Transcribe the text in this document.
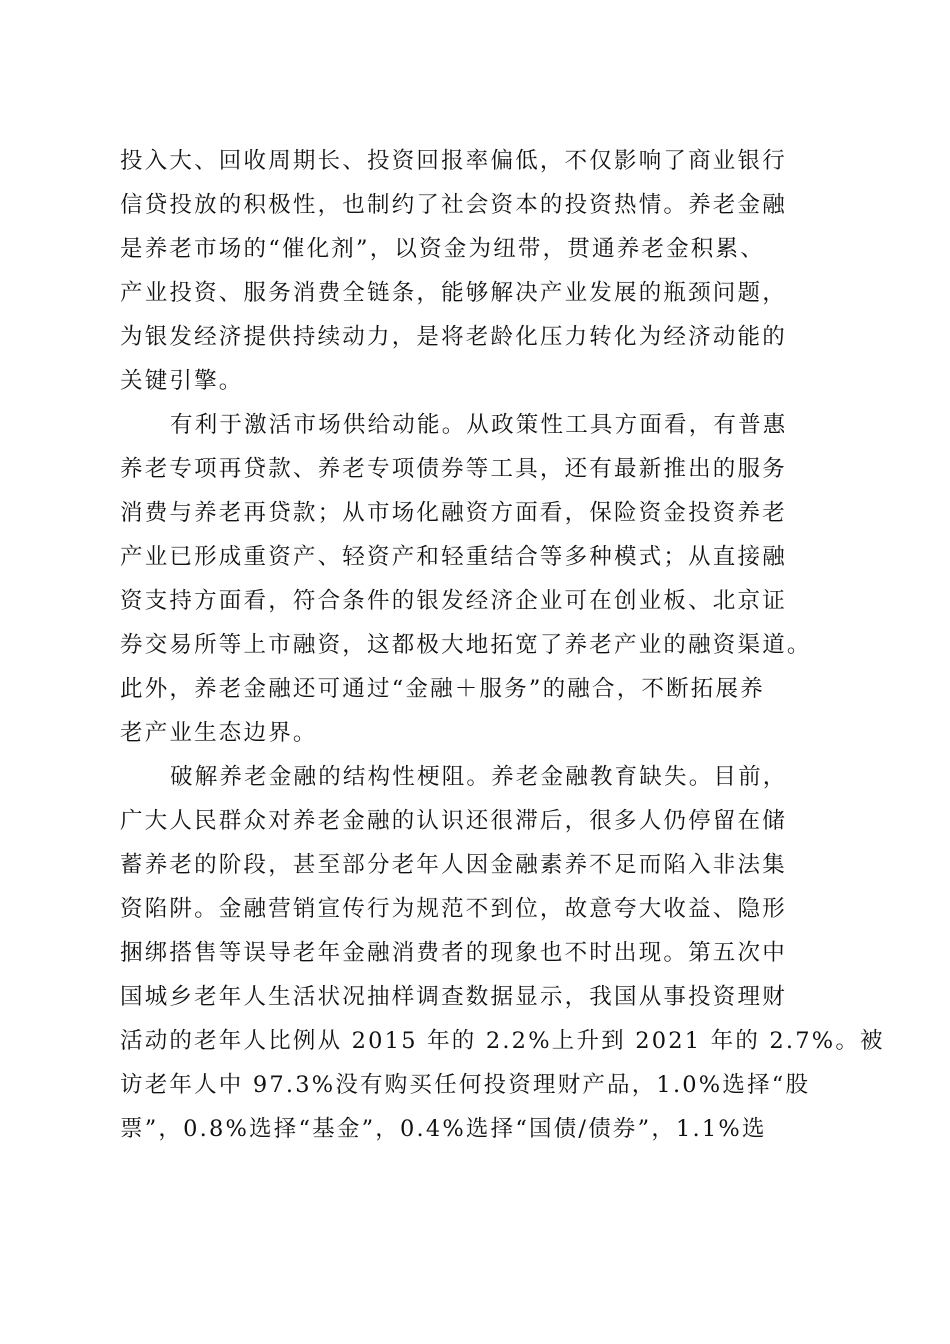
投入大、回收周期长、投资回报率偏低，不仅影响了商业银行
信贷投放的积极性，也制约了社会资本的投资热情。养老金融
是养老市场的“催化剂”，以资金为纽带，贯通养老金积累、
产业投资、服务消费全链条，能够解决产业发展的瓶颈问题，
为银发经济提供持续动力，是将老龄化压力转化为经济动能的
关键引擎。
有利于激活市场供给动能。从政策性工具方面看，有普惠
养老专项再贷款、养老专项债券等工具，还有最新推出的服务
消费与养老再贷款；从市场化融资方面看，保险资金投资养老
产业已形成重资产、轻资产和轻重结合等多种模式；从直接融
资支持方面看，符合条件的银发经济企业可在创业板、北京证
券交易所等上市融资，这都极大地拓宽了养老产业的融资渠道。
此外，养老金融还可通过“金融＋服务”的融合，不断拓展养
老产业生态边界。
破解养老金融的结构性梗阻。养老金融教育缺失。目前，
广大人民群众对养老金融的认识还很滞后，很多人仍停留在储
蓄养老的阶段，甚至部分老年人因金融素养不足而陷入非法集
资陷阱。金融营销宣传行为规范不到位，故意夸大收益、隐形
捆绑搭售等误导老年金融消费者的现象也不时出现。第五次中
国城乡老年人生活状况抽样调查数据显示，我国从事投资理财
活动的老年人比例从 2015 年的 2.2%上升到 2021 年的 2.7%。被
访老年人中 97.3%没有购买任何投资理财产品，1.0%选择“股
票”，0.8%选择“基金”，0.4%选择“国债/债券”，1.1%选
